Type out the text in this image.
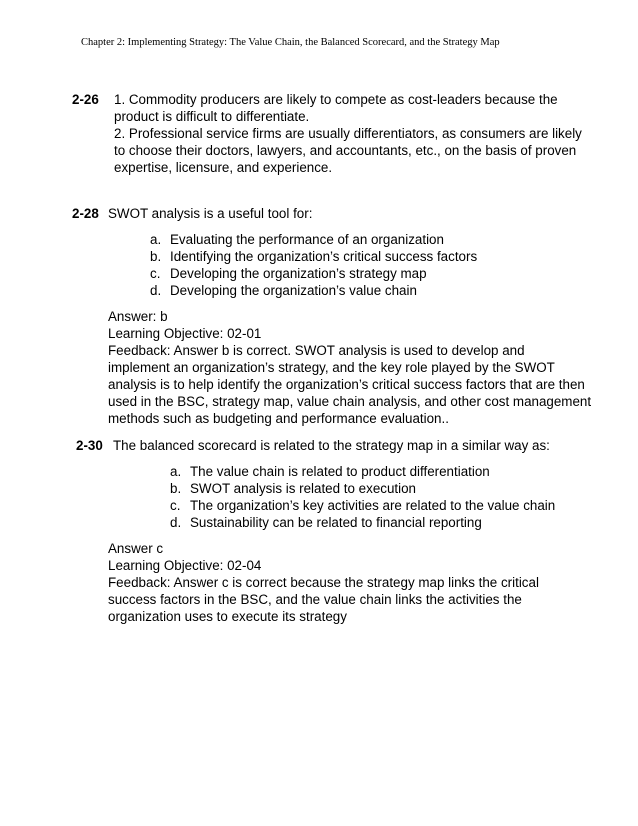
Chapter 2: Implementing Strategy: The Value Chain, the Balanced Scorecard, and the Strategy Map
2-26 1. Commodity producers are likely to compete as cost-leaders because the
product is difficult to differentiate.
2. Professional service firms are usually differentiators, as consumers are likely
to choose their doctors, lawyers, and accountants, etc., on the basis of proven
expertise, licensure, and experience.
2-28 SWOT analysis is a useful tool for:
a. Evaluating the performance of an organization
b. Identifying the organization’s critical success factors
c. Developing the organization’s strategy map
d. Developing the organization’s value chain
Answer: b
Learning Objective: 02-01
Feedback: Answer b is correct. SWOT analysis is used to develop and
implement an organization’s strategy, and the key role played by the SWOT
analysis is to help identify the organization’s critical success factors that are then
used in the BSC, strategy map, value chain analysis, and other cost management
methods such as budgeting and performance evaluation..
2-30 The balanced scorecard is related to the strategy map in a similar way as:
a. The value chain is related to product differentiation
b. SWOT analysis is related to execution
c. The organization’s key activities are related to the value chain
d. Sustainability can be related to financial reporting
Answer c
Learning Objective: 02-04
Feedback: Answer c is correct because the strategy map links the critical
success factors in the BSC, and the value chain links the activities the
organization uses to execute its strategy
